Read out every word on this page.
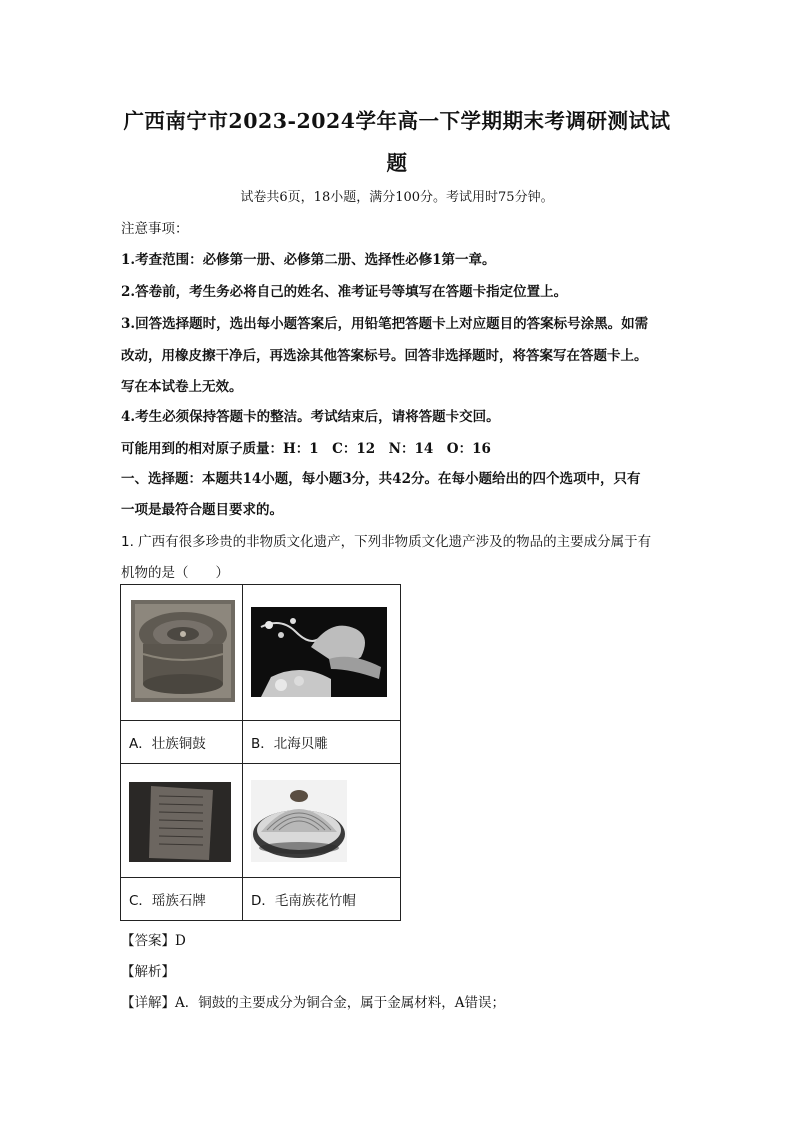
广西南宁市2023-2024学年高一下学期期末考调研测试试
题
试卷共6页，18小题，满分100分。考试用时75分钟。
注意事项：
1.考查范围：必修第一册、必修第二册、选择性必修1第一章。
2.答卷前，考生务必将自己的姓名、准考证号等填写在答题卡指定位置上。
3.回答选择题时，选出每小题答案后，用铅笔把答题卡上对应题目的答案标号涂黑。如需
改动，用橡皮擦干净后，再选涂其他答案标号。回答非选择题时，将答案写在答题卡上。
写在本试卷上无效。
4.考生必须保持答题卡的整洁。考试结束后，请将答题卡交回。
可能用到的相对原子质量：H：1　C：12　N：14　O：16
一、选择题：本题共14小题，每小题3分，共42分。在每小题给出的四个选项中，只有
一项是最符合题目要求的。
1. 广西有很多珍贵的非物质文化遗产，下列非物质文化遗产涉及的物品的主要成分属于有
机物的是（　　）

A．壮族铜鼓	B．北海贝雕

C．瑶族石牌	D．毛南族花竹帽
【答案】D
【解析】
【详解】A．铜鼓的主要成分为铜合金，属于金属材料，A错误；
